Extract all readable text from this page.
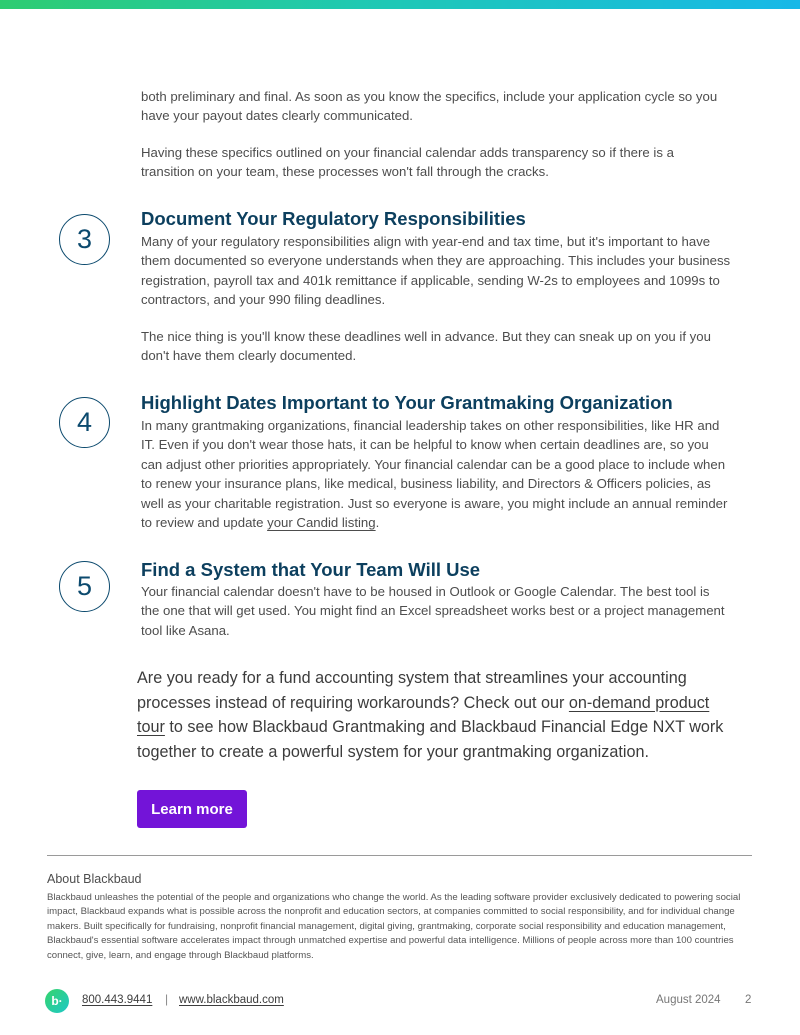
both preliminary and final. As soon as you know the specifics, include your application cycle so you have your payout dates clearly communicated.

Having these specifics outlined on your financial calendar adds transparency so if there is a transition on your team, these processes won't fall through the cracks.

3
Document Your Regulatory Responsibilities

Many of your regulatory responsibilities align with year-end and tax time, but it's important to have them documented so everyone understands when they are approaching. This includes your business registration, payroll tax and 401k remittance if applicable, sending W-2s to employees and 1099s to contractors, and your 990 filing deadlines.

The nice thing is you'll know these deadlines well in advance. But they can sneak up on you if you don't have them clearly documented.

4
Highlight Dates Important to Your Grantmaking Organization

In many grantmaking organizations, financial leadership takes on other responsibilities, like HR and IT. Even if you don't wear those hats, it can be helpful to know when certain deadlines are, so you can adjust other priorities appropriately. Your financial calendar can be a good place to include when to renew your insurance plans, like medical, business liability, and Directors & Officers policies, as well as your charitable registration. Just so everyone is aware, you might include an annual reminder to review and update your Candid listing.

5
Find a System that Your Team Will Use

Your financial calendar doesn't have to be housed in Outlook or Google Calendar. The best tool is the one that will get used. You might find an Excel spreadsheet works best or a project management tool like Asana.

Are you ready for a fund accounting system that streamlines your accounting processes instead of requiring workarounds? Check out our on-demand product tour to see how Blackbaud Grantmaking and Blackbaud Financial Edge NXT work together to create a powerful system for your grantmaking organization.

Learn more
About Blackbaud

Blackbaud unleashes the potential of the people and organizations who change the world. As the leading software provider exclusively dedicated to powering social impact, Blackbaud expands what is possible across the nonprofit and education sectors, at companies committed to social responsibility, and for individual change makers. Built specifically for fundraising, nonprofit financial management, digital giving, grantmaking, corporate social responsibility and education management, Blackbaud's essential software accelerates impact through unmatched expertise and powerful data intelligence. Millions of people across more than 100 countries connect, give, learn, and engage through Blackbaud platforms.

b· 800.443.9441 | www.blackbaud.com	August 2024 2
